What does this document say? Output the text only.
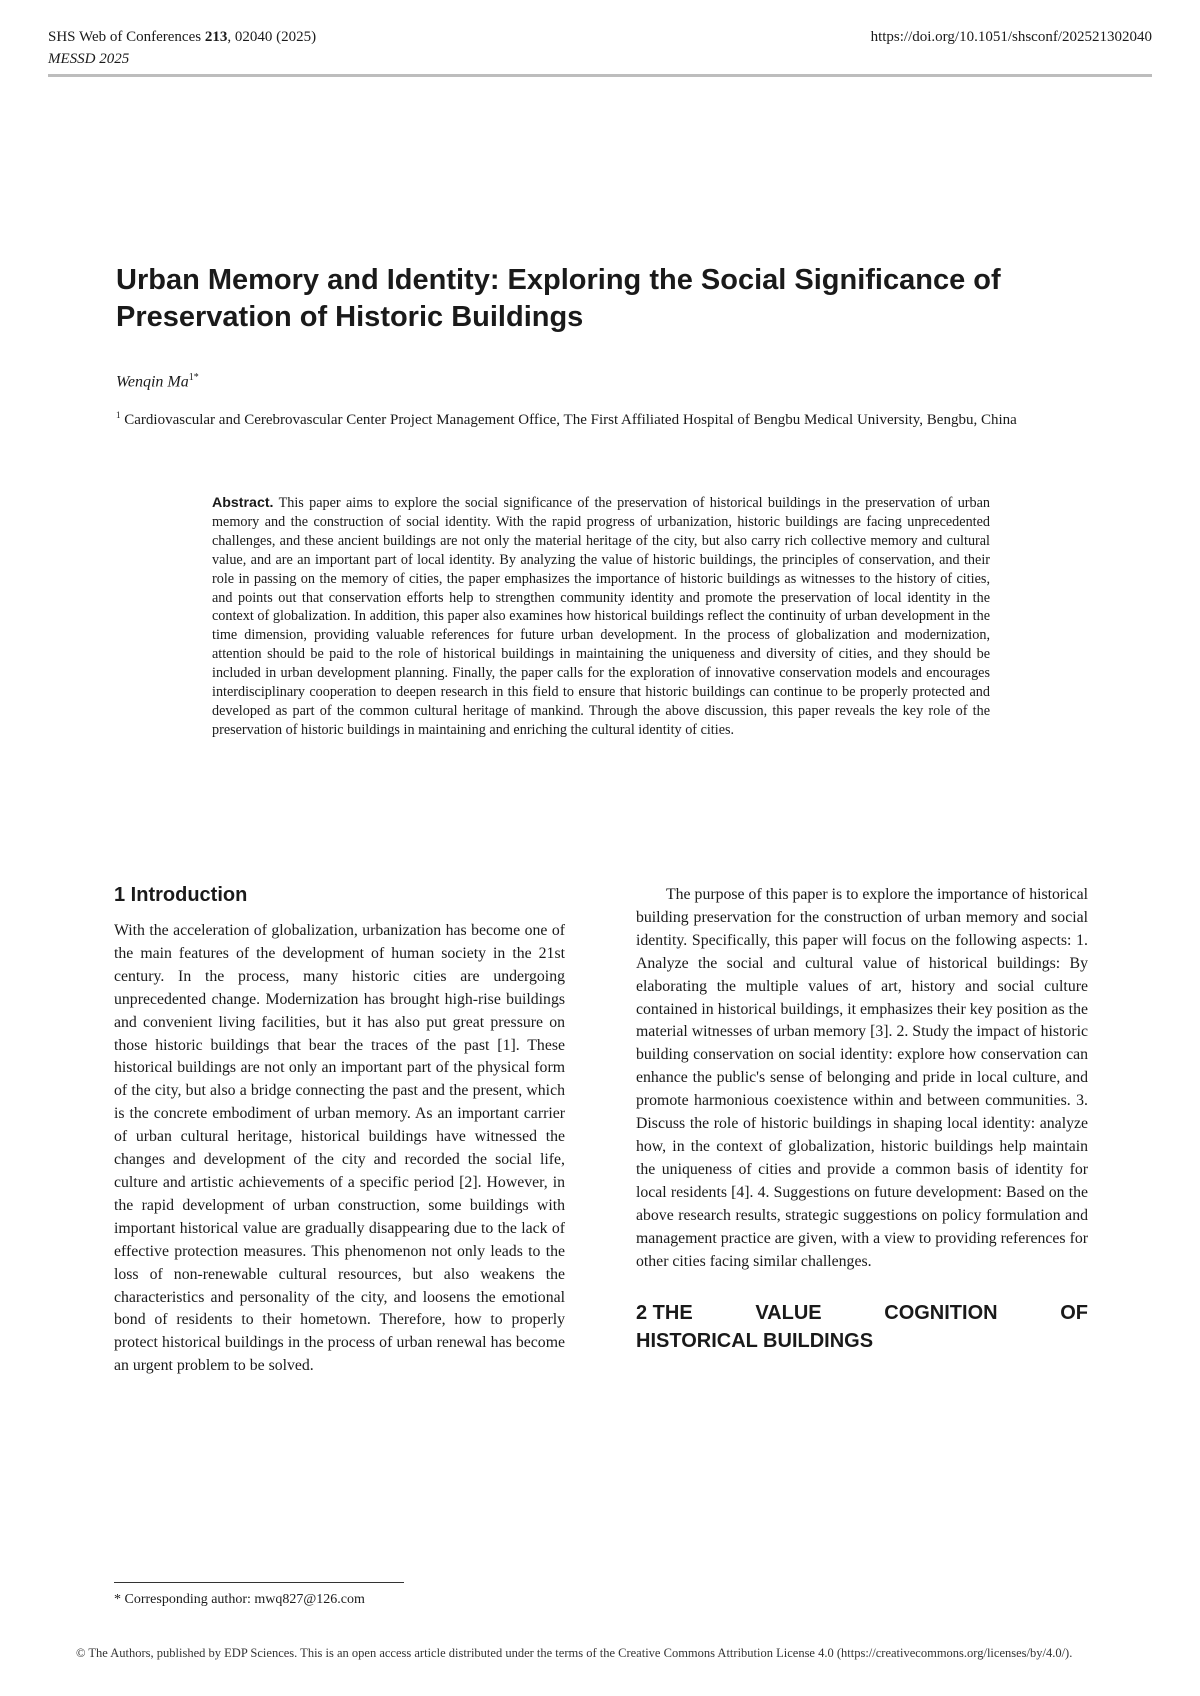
SHS Web of Conferences 213, 02040 (2025)
MESSD 2025
https://doi.org/10.1051/shsconf/202521302040
Urban Memory and Identity: Exploring the Social Significance of Preservation of Historic Buildings
Wenqin $Ma^{1*}$
$^1$ Cardiovascular and Cerebrovascular Center Project Management Office, The First Affiliated Hospital of Bengbu Medical University, Bengbu, China

Abstract. This paper aims to explore the social significance of the preservation of historical buildings in the preservation of urban memory and the construction of social identity. With the rapid progress of urbanization, historic buildings are facing unprecedented challenges, and these ancient buildings are not only the material heritage of the city, but also carry rich collective memory and cultural value, and are an important part of local identity. By analyzing the value of historic buildings, the principles of conservation, and their role in passing on the memory of cities, the paper emphasizes the importance of historic buildings as witnesses to the history of cities, and points out that conservation efforts help to strengthen community identity and promote the preservation of local identity in the context of globalization. In addition, this paper also examines how historical buildings reflect the continuity of urban development in the time dimension, providing valuable references for future urban development. In the process of globalization and modernization, attention should be paid to the role of historical buildings in maintaining the uniqueness and diversity of cities, and they should be included in urban development planning. Finally, the paper calls for the exploration of innovative conservation models and encourages interdisciplinary cooperation to deepen research in this field to ensure that historic buildings can continue to be properly protected and developed as part of the common cultural heritage of mankind. Through the above discussion, this paper reveals the key role of the preservation of historic buildings in maintaining and enriching the cultural identity of cities.

1 Introduction

With the acceleration of globalization, urbanization has become one of the main features of the development of human society in the 21st century. In the process, many historic cities are undergoing unprecedented change. Modernization has brought high-rise buildings and convenient living facilities, but it has also put great pressure on those historic buildings that bear the traces of the past [1]. These historical buildings are not only an important part of the physical form of the city, but also a bridge connecting the past and the present, which is the concrete embodiment of urban memory. As an important carrier of urban cultural heritage, historical buildings have witnessed the changes and development of the city and recorded the social life, culture and artistic achievements of a specific period [2]. However, in the rapid development of urban construction, some buildings with important historical value are gradually disappearing due to the lack of effective protection measures. This phenomenon not only leads to the loss of non-renewable cultural resources, but also weakens the characteristics and personality of the city, and loosens the emotional bond of residents to their hometown. Therefore, how to properly protect historical buildings in the process of urban renewal has become an urgent problem to be solved.

The purpose of this paper is to explore the importance of historical building preservation for the construction of urban memory and social identity. Specifically, this paper will focus on the following aspects: 1. Analyze the social and cultural value of historical buildings: By elaborating the multiple values of art, history and social culture contained in historical buildings, it emphasizes their key position as the material witnesses of urban memory [3]. 2. Study the impact of historic building conservation on social identity: explore how conservation can enhance the public's sense of belonging and pride in local culture, and promote harmonious coexistence within and between communities. 3. Discuss the role of historic buildings in shaping local identity: analyze how, in the context of globalization, historic buildings help maintain the uniqueness of cities and provide a common basis of identity for local residents [4]. 4. Suggestions on future development: Based on the above research results, strategic suggestions on policy formulation and management practice are given, with a view to providing references for other cities facing similar challenges.

2 THE	VALUE	COGNITION	OF
HISTORICAL BUILDINGS
* Corresponding author: mwq827@126.com
© The Authors, published by EDP Sciences. This is an open access article distributed under the terms of the Creative Commons Attribution License 4.0 (https://creativecommons.org/licenses/by/4.0/).
